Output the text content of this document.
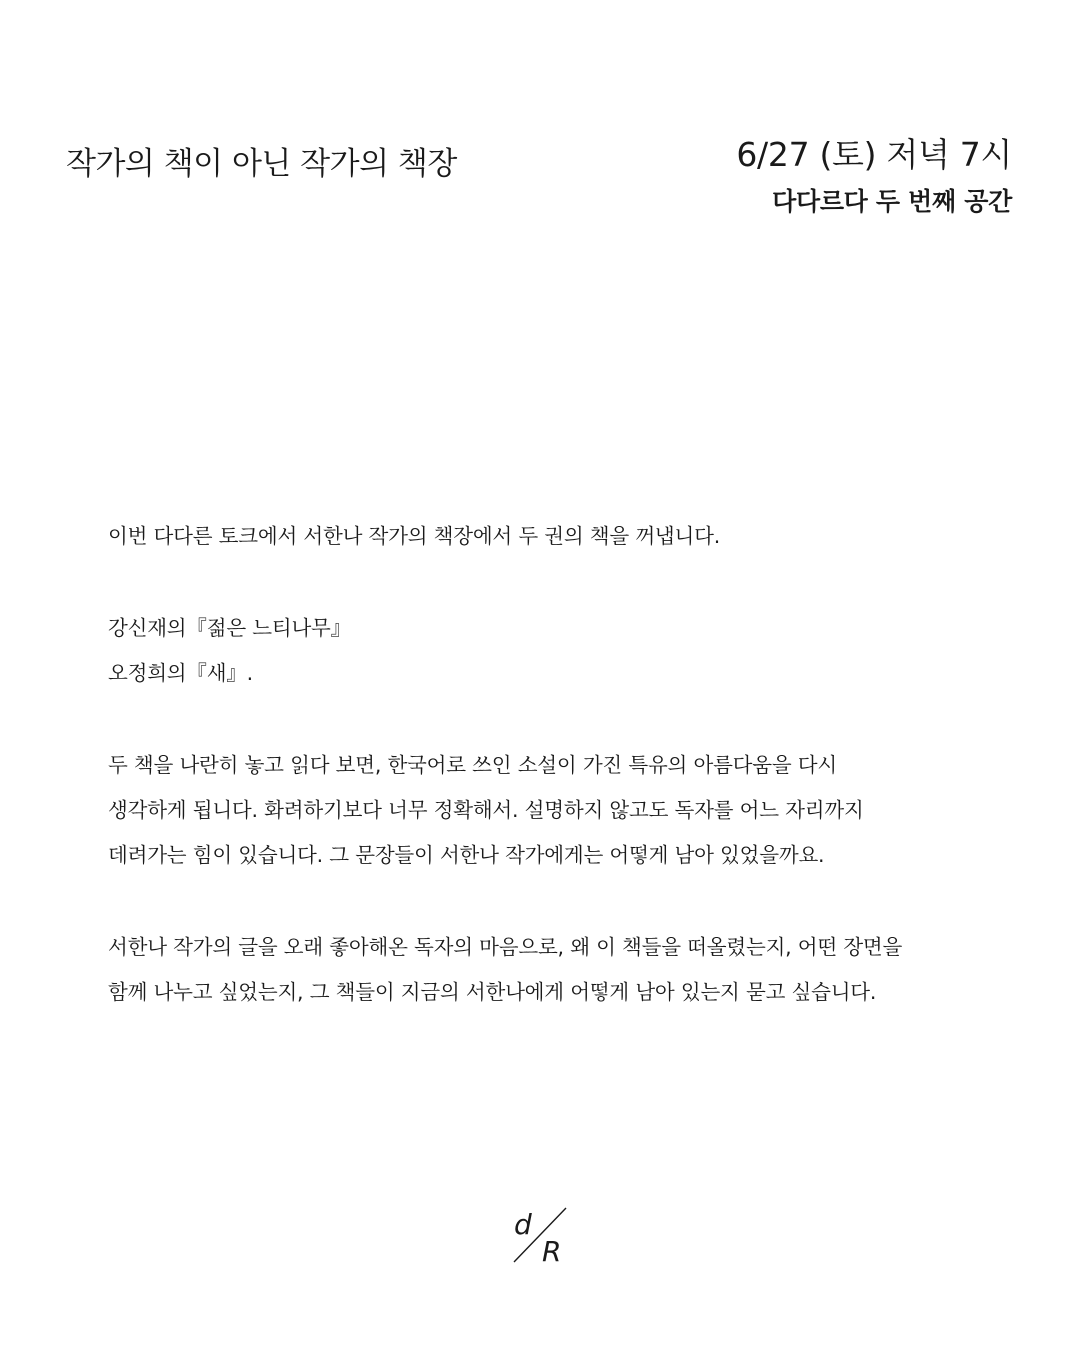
작가의 책이 아닌 작가의 책장	6/27 (토) 저녁 7시
다다르다 두 번째 공간

이번 다다른 토크에서 서한나 작가의 책장에서 두 권의 책을 꺼냅니다.

강신재의『젊은 느티나무』

오정희의『새』.

두 책을 나란히 놓고 읽다 보면, 한국어로 쓰인 소설이 가진 특유의 아름다움을 다시

생각하게 됩니다. 화려하기보다 너무 정확해서. 설명하지 않고도 독자를 어느 자리까지

데려가는 힘이 있습니다. 그 문장들이 서한나 작가에게는 어떻게 남아 있었을까요.

서한나 작가의 글을 오래 좋아해온 독자의 마음으로, 왜 이 책들을 떠올렸는지, 어떤 장면을

함께 나누고 싶었는지, 그 책들이 지금의 서한나에게 어떻게 남아 있는지 묻고 싶습니다.

d
R
